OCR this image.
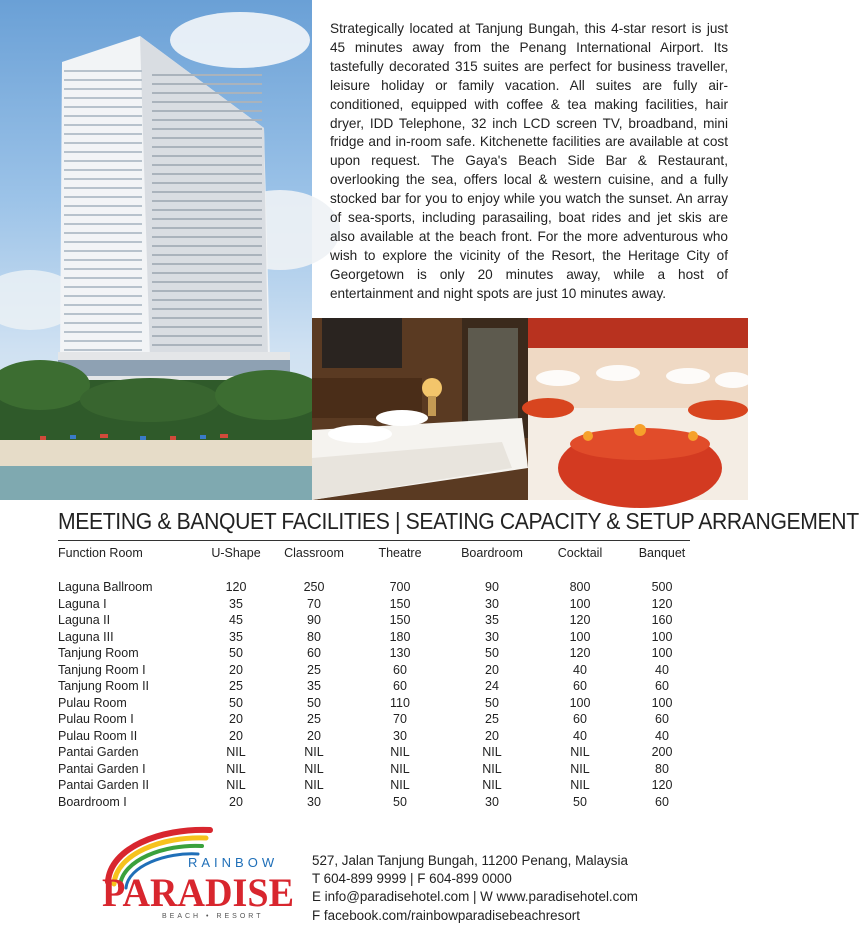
Strategically located at Tanjung Bungah, this 4-star resort is just 45 minutes away from the Penang International Airport. Its tastefully decorated 315 suites are perfect for business traveller, leisure holiday or family vacation. All suites are fully air-conditioned, equipped with coffee & tea making facilities, hair dryer, IDD Telephone, 32 inch LCD screen TV, broadband, mini fridge and in-room safe. Kitchenette facilities are available at cost upon request. The Gaya's Beach Side Bar & Restaurant, overlooking the sea, offers local & western cuisine, and a fully stocked bar for you to enjoy while you watch the sunset. An array of sea-sports, including parasailing, boat rides and jet skis are also available at the beach front. For the more adventurous who wish to explore the vicinity of the Resort, the Heritage City of Georgetown is only 20 minutes away, while a host of entertainment and night spots are just 10 minutes away.
MEETING & BANQUET FACILITIES | SEATING CAPACITY & SETUP ARRANGEMENT
Function Room	U-Shape	Classroom	Theatre	Boardroom	Cocktail	Banquet
Laguna Ballroom	120	250	700	90	800	500
Laguna I	35	70	150	30	100	120
Laguna II	45	90	150	35	120	160
Laguna III	35	80	180	30	100	100
Tanjung Room	50	60	130	50	120	100
Tanjung Room I	20	25	60	20	40	40
Tanjung Room II	25	35	60	24	60	60
Pulau Room	50	50	110	50	100	100
Pulau Room I	20	25	70	25	60	60
Pulau Room II	20	20	30	20	40	40
Pantai Garden	NIL	NIL	NIL	NIL	NIL	200
Pantai Garden I	NIL	NIL	NIL	NIL	NIL	80
Pantai Garden II	NIL	NIL	NIL	NIL	NIL	120
Boardroom I	20	30	50	30	50	60
RAINBOW
PARADISE
BEACH • RESORT
527, Jalan Tanjung Bungah, 11200 Penang, Malaysia
T 604-899 9999 | F 604-899 0000
E info@paradisehotel.com | W www.paradisehotel.com
F facebook.com/rainbowparadisebeachresort
